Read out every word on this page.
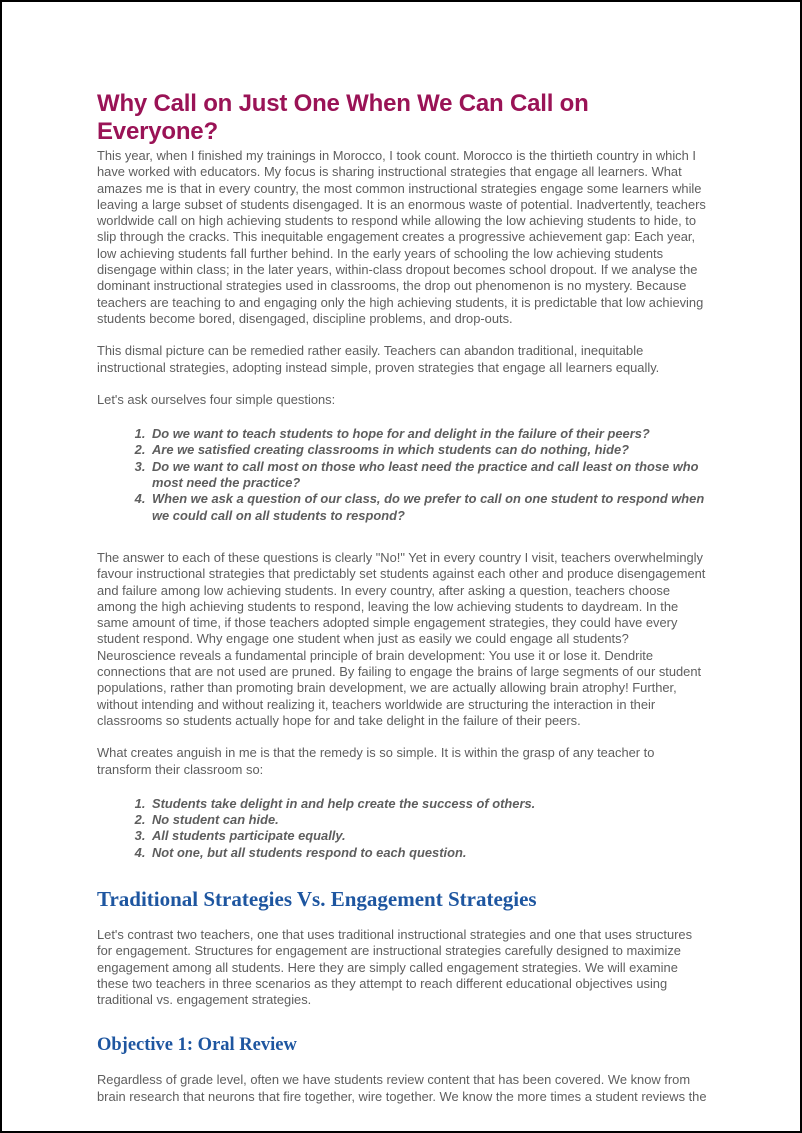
Why Call on Just One When We Can Call on Everyone?

This year, when I finished my trainings in Morocco, I took count. Morocco is the thirtieth country in which I have worked with educators. My focus is sharing instructional strategies that engage all learners. What amazes me is that in every country, the most common instructional strategies engage some learners while leaving a large subset of students disengaged. It is an enormous waste of potential. Inadvertently, teachers worldwide call on high achieving students to respond while allowing the low achieving students to hide, to slip through the cracks. This inequitable engagement creates a progressive achievement gap: Each year, low achieving students fall further behind. In the early years of schooling the low achieving students disengage within class; in the later years, within-class dropout becomes school dropout. If we analyse the dominant instructional strategies used in classrooms, the drop out phenomenon is no mystery. Because teachers are teaching to and engaging only the high achieving students, it is predictable that low achieving students become bored, disengaged, discipline problems, and drop-outs.

This dismal picture can be remedied rather easily. Teachers can abandon traditional, inequitable instructional strategies, adopting instead simple, proven strategies that engage all learners equally.

Let's ask ourselves four simple questions:

1. Do we want to teach students to hope for and delight in the failure of their peers?
2. Are we satisfied creating classrooms in which students can do nothing, hide?
3. Do we want to call most on those who least need the practice and call least on those who most need the practice?
4. When we ask a question of our class, do we prefer to call on one student to respond when we could call on all students to respond?

The answer to each of these questions is clearly "No!" Yet in every country I visit, teachers overwhelmingly favour instructional strategies that predictably set students against each other and produce disengagement and failure among low achieving students. In every country, after asking a question, teachers choose among the high achieving students to respond, leaving the low achieving students to daydream. In the same amount of time, if those teachers adopted simple engagement strategies, they could have every student respond. Why engage one student when just as easily we could engage all students? Neuroscience reveals a fundamental principle of brain development: You use it or lose it. Dendrite connections that are not used are pruned. By failing to engage the brains of large segments of our student populations, rather than promoting brain development, we are actually allowing brain atrophy! Further, without intending and without realizing it, teachers worldwide are structuring the interaction in their classrooms so students actually hope for and take delight in the failure of their peers.

What creates anguish in me is that the remedy is so simple. It is within the grasp of any teacher to transform their classroom so:

1. Students take delight in and help create the success of others.
2. No student can hide.
3. All students participate equally.
4. Not one, but all students respond to each question.
Traditional Strategies Vs. Engagement Strategies

Let's contrast two teachers, one that uses traditional instructional strategies and one that uses structures for engagement. Structures for engagement are instructional strategies carefully designed to maximize engagement among all students. Here they are simply called engagement strategies. We will examine these two teachers in three scenarios as they attempt to reach different educational objectives using traditional vs. engagement strategies.

Objective 1: Oral Review

Regardless of grade level, often we have students review content that has been covered. We know from brain research that neurons that fire together, wire together. We know the more times a student reviews the
